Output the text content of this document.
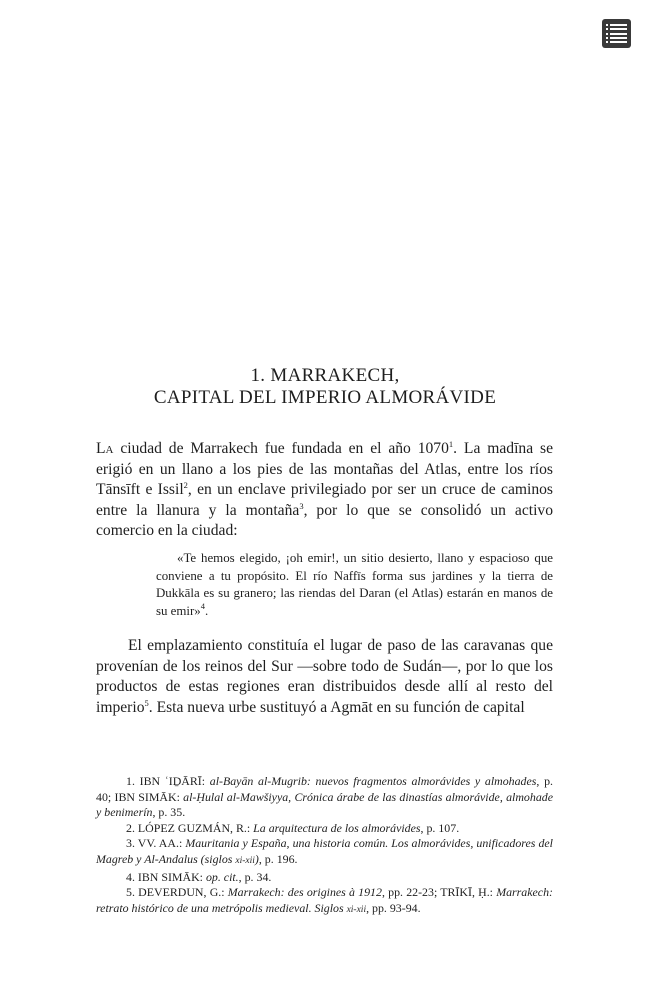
1. MARRAKECH,
CAPITAL DEL IMPERIO ALMORÁVIDE
La ciudad de Marrakech fue fundada en el año 1070$^1$. La madīna se erigió en un llano a los pies de las montañas del Atlas, entre los ríos Tānsīft e Issil$^2$, en un enclave privilegiado por ser un cruce de caminos entre la llanura y la montaña$^3$, por lo que se consolidó un activo comercio en la ciudad:

«Te hemos elegido, ¡oh emir!, un sitio desierto, llano y espacioso que conviene a tu propósito. El río Naffīs forma sus jardines y la tierra de Dukkāla es su granero; las riendas del Daran (el Atlas) estarán en manos de su emir»$^4$.

El emplazamiento constituía el lugar de paso de las caravanas que provenían de los reinos del Sur —sobre todo de Sudán—, por lo que los productos de estas regiones eran distribuidos desde allí al resto del imperio$^5$. Esta nueva urbe sustituyó a Agmāt en su función de capital

1. IBN ʿIḎĀRĪ: al-Bayān al-Mugrib: nuevos fragmentos almorávides y almohades, p. 40; IBN SIMĀK: al-Ḥulal al-Mawšiyya, Crónica árabe de las dinastías almorávide, almohade y benimerín, p. 35.

2. LÓPEZ GUZMÁN, R.: La arquitectura de los almorávides, p. 107.

3. VV. AA.: Mauritania y España, una historia común. Los almorávides, unificadores del Magreb y Al-Andalus (siglos xi-xii), p. 196.

4. IBN SIMĀK: op. cit., p. 34.

5. DEVERDUN, G.: Marrakech: des origines à 1912, pp. 22-23; TRĪKĪ, Ḥ.: Marrakech: retrato histórico de una metrópolis medieval. Siglos xi-xii, pp. 93-94.
